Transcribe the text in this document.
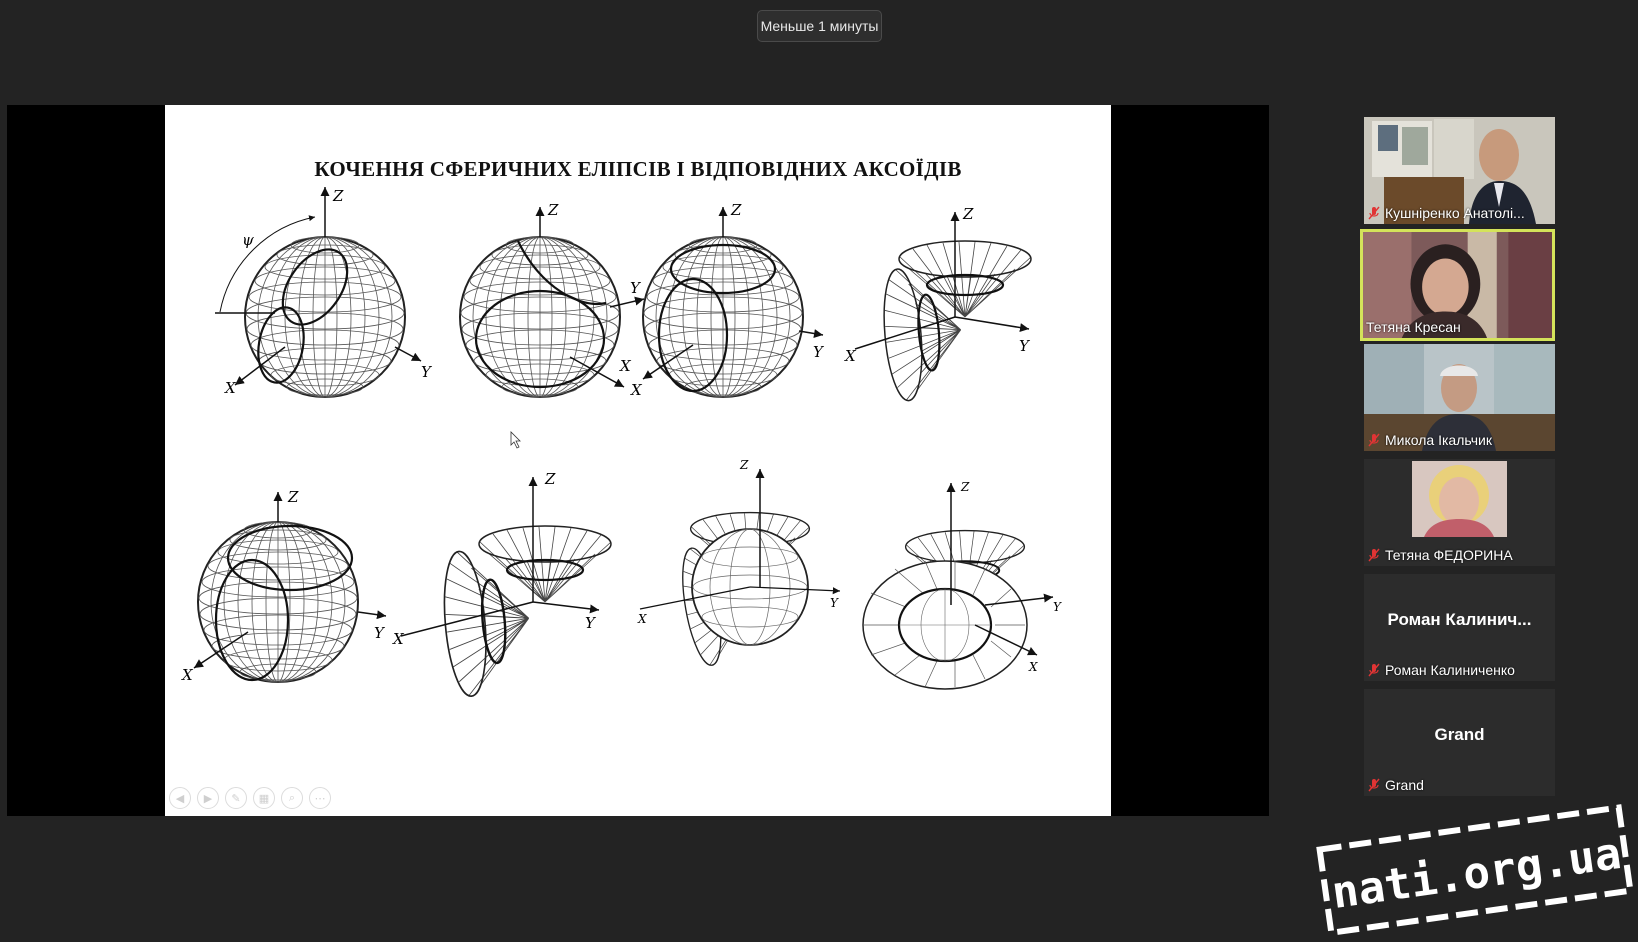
Меньше 1 минуты
КОЧЕННЯ СФЕРИЧНИХ ЕЛІПСІВ І ВІДПОВІДНИХ АКСОЇДІВ
Z
X
Y
ψ
Z
X
Y
Z
X
Y
Z
X
Y
Z
X
Y
Z
X
Y
Z
X
Y
Z
X
Y
◀	▶	✎	▦	⌕	⋯
Кушніренко Анатолі...
Тетяна Кресан
Микола Ікальчик
Тетяна ФЕДОРИНА
Роман Калинич...
Роман Калиниченко
Grand
Grand
nati.org.ua
